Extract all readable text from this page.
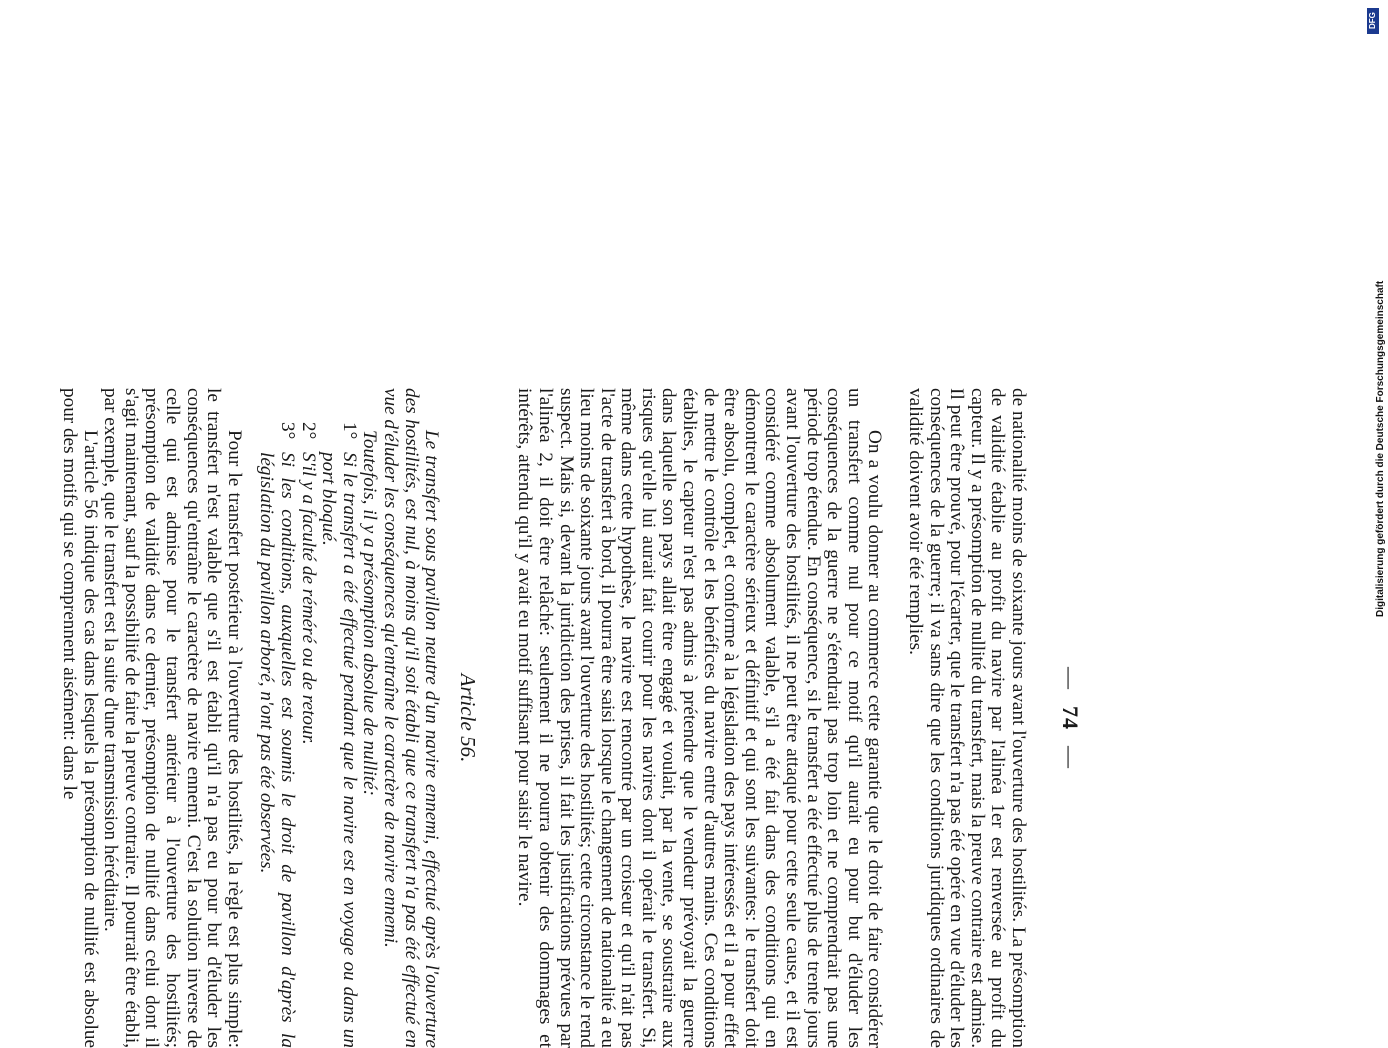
—74—

de nationalité moins de soixante jours avant l'ouverture des hostilités. La présomption de validité établie au profit du navire par l'alinéa 1er est renversée au profit du capteur. Il y a présomption de nullité du transfert, mais la preuve contraire est admise. Il peut être prouvé, pour l'écarter, que le transfert n'a pas été opéré en vue d'éluder les conséquences de la guerre; il va sans dire que les conditions juridiques ordinaires de validité doivent avoir été remplies.

On a voulu donner au commerce cette garantie que le droit de faire considérer un transfert comme nul pour ce motif qu'il aurait eu pour but d'éluder les conséquences de la guerre ne s'étendrait pas trop loin et ne comprendrait pas une période trop étendue. En conséquence, si le transfert a été effectué plus de trente jours avant l'ouverture des hostilités, il ne peut être attaqué pour cette seule cause, et il est considéré comme absolument valable, s'il a été fait dans des conditions qui en démontrent le caractère sérieux et définitif et qui sont les suivantes: le transfert doit être absolu, complet, et conforme à la législation des pays intéressés et il a pour effet de mettre le contrôle et les bénéfices du navire entre d'autres mains. Ces conditions établies, le capteur n'est pas admis à prétendre que le vendeur prévoyait la guerre dans laquelle son pays allait être engagé et voulait, par la vente, se soustraire aux risques qu'elle lui aurait fait courir pour les navires dont il opérait le transfert. Si, même dans cette hypothèse, le navire est rencontré par un croiseur et qu'il n'ait pas l'acte de transfert à bord, il pourra être saisi lorsque le changement de nationalité a eu lieu moins de soixante jours avant l'ouverture des hostilités; cette circonstance le rend suspect. Mais si, devant la juridiction des prises, il fait les justifications prévues par l'alinéa 2, il doit être relâché: seulement il ne pourra obtenir des dommages et intérêts, attendu qu'il y avait eu motif suffisant pour saisir le navire.

Article 56.

Le transfert sous pavillon neutre d'un navire ennemi, effectué après l'ouverture des hostilités, est nul, à moins qu'il soit établi que ce transfert n'a pas été effectué en vue d'éluder les conséquences qu'entraîne le caractère de navire ennemi.

Toutefois, il y a présomption absolue de nullité:

1°Si le transfert a été effectué pendant que le navire est en voyage ou dans un port bloqué.
2°S'il y a faculté de réméré ou de retour.
3°Si les conditions, auxquelles est soumis le droit de pavillon d'après la législation du pavillon arboré, n'ont pas été observées.

Pour le transfert postérieur à l'ouverture des hostilités, la règle est plus simple: le transfert n'est valable que s'il est établi qu'il n'a pas eu pour but d'éluder les conséquences qu'entraîne le caractère de navire ennemi. C'est la solution inverse de celle qui est admise pour le transfert antérieur à l'ouverture des hostilités; présomption de validité dans ce dernier, présomption de nullité dans celui dont il s'agit maintenant, sauf la possibilité de faire la preuve contraire. Il pourrait être établi, par exemple, que le transfert est la suite d'une transmission héréditaire.

L'article 56 indique des cas dans lesquels la présomption de nullité est absolue pour des motifs qui se comprennent aisément: dans le	Digitalisierung gefördert durch die Deutsche Forschungsgemeinschaft
DFG
